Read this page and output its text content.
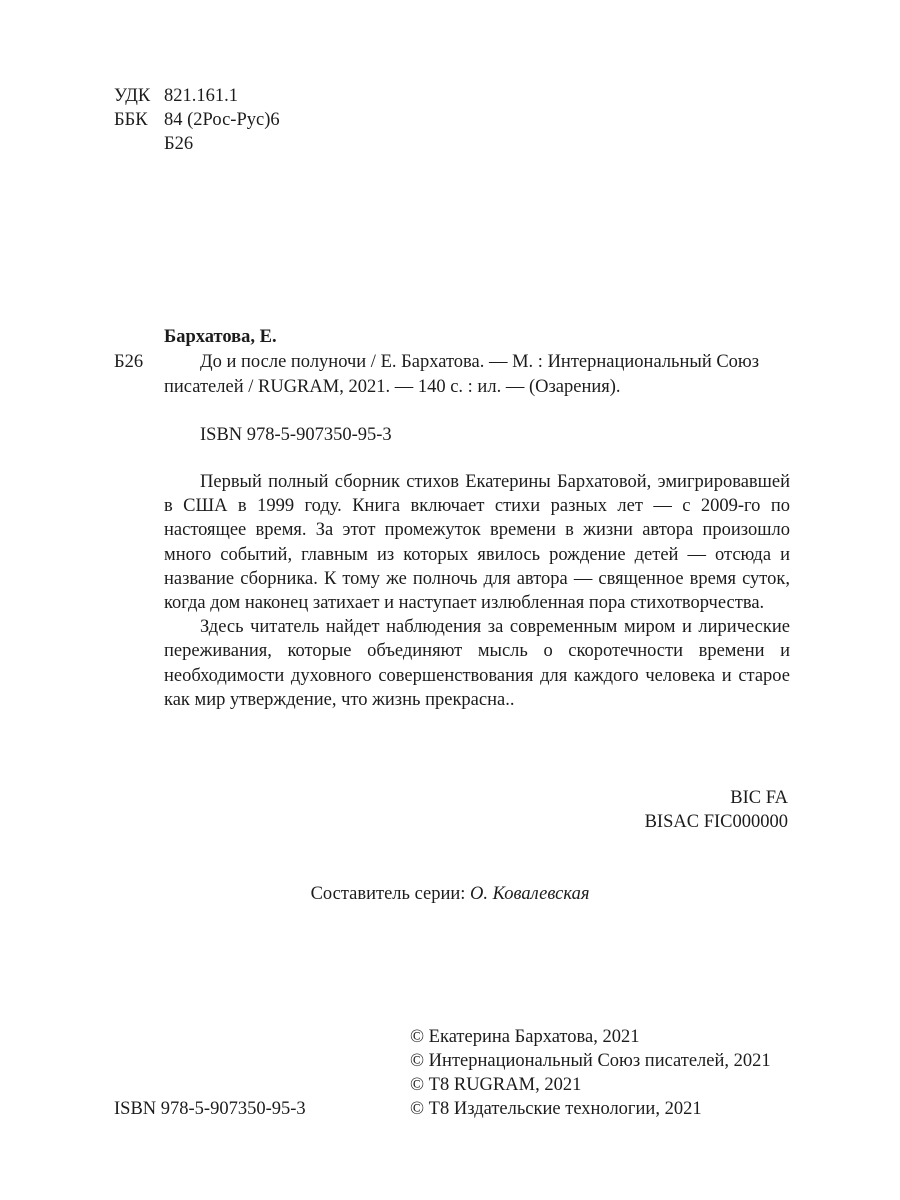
УДК 821.161.1
ББК 84 (2Рос-Рус)6
Б26
Бархатова, Е.
Б26	До и после полуночи / Е. Бархатова. — М. : Интернациональный Союз писателей / RUGRAM, 2021. — 140 с. : ил. — (Озарения).

ISBN 978-5-907350-95-3

Первый полный сборник стихов Екатерины Бархатовой, эмигрировавшей в США в 1999 году. Книга включает стихи разных лет — с 2009-го по настоящее время. За этот промежуток времени в жизни автора произошло много событий, главным из которых явилось рождение детей — отсюда и название сборника. К тому же полночь для автора — священное время суток, когда дом наконец затихает и наступает излюбленная пора стихотворчества.

Здесь читатель найдет наблюдения за современным миром и лирические переживания, которые объединяют мысль о скоротечности времени и необходимости духовного совершенствования для каждого человека и старое как мир утверждение, что жизнь прекрасна..

BIC FA
BISAC FIC000000
Составитель серии: О. Ковалевская
ISBN 978-5-907350-95-3
© Екатерина Бархатова, 2021
© Интернациональный Союз писателей, 2021
© Т8 RUGRAM, 2021
© Т8 Издательские технологии, 2021
